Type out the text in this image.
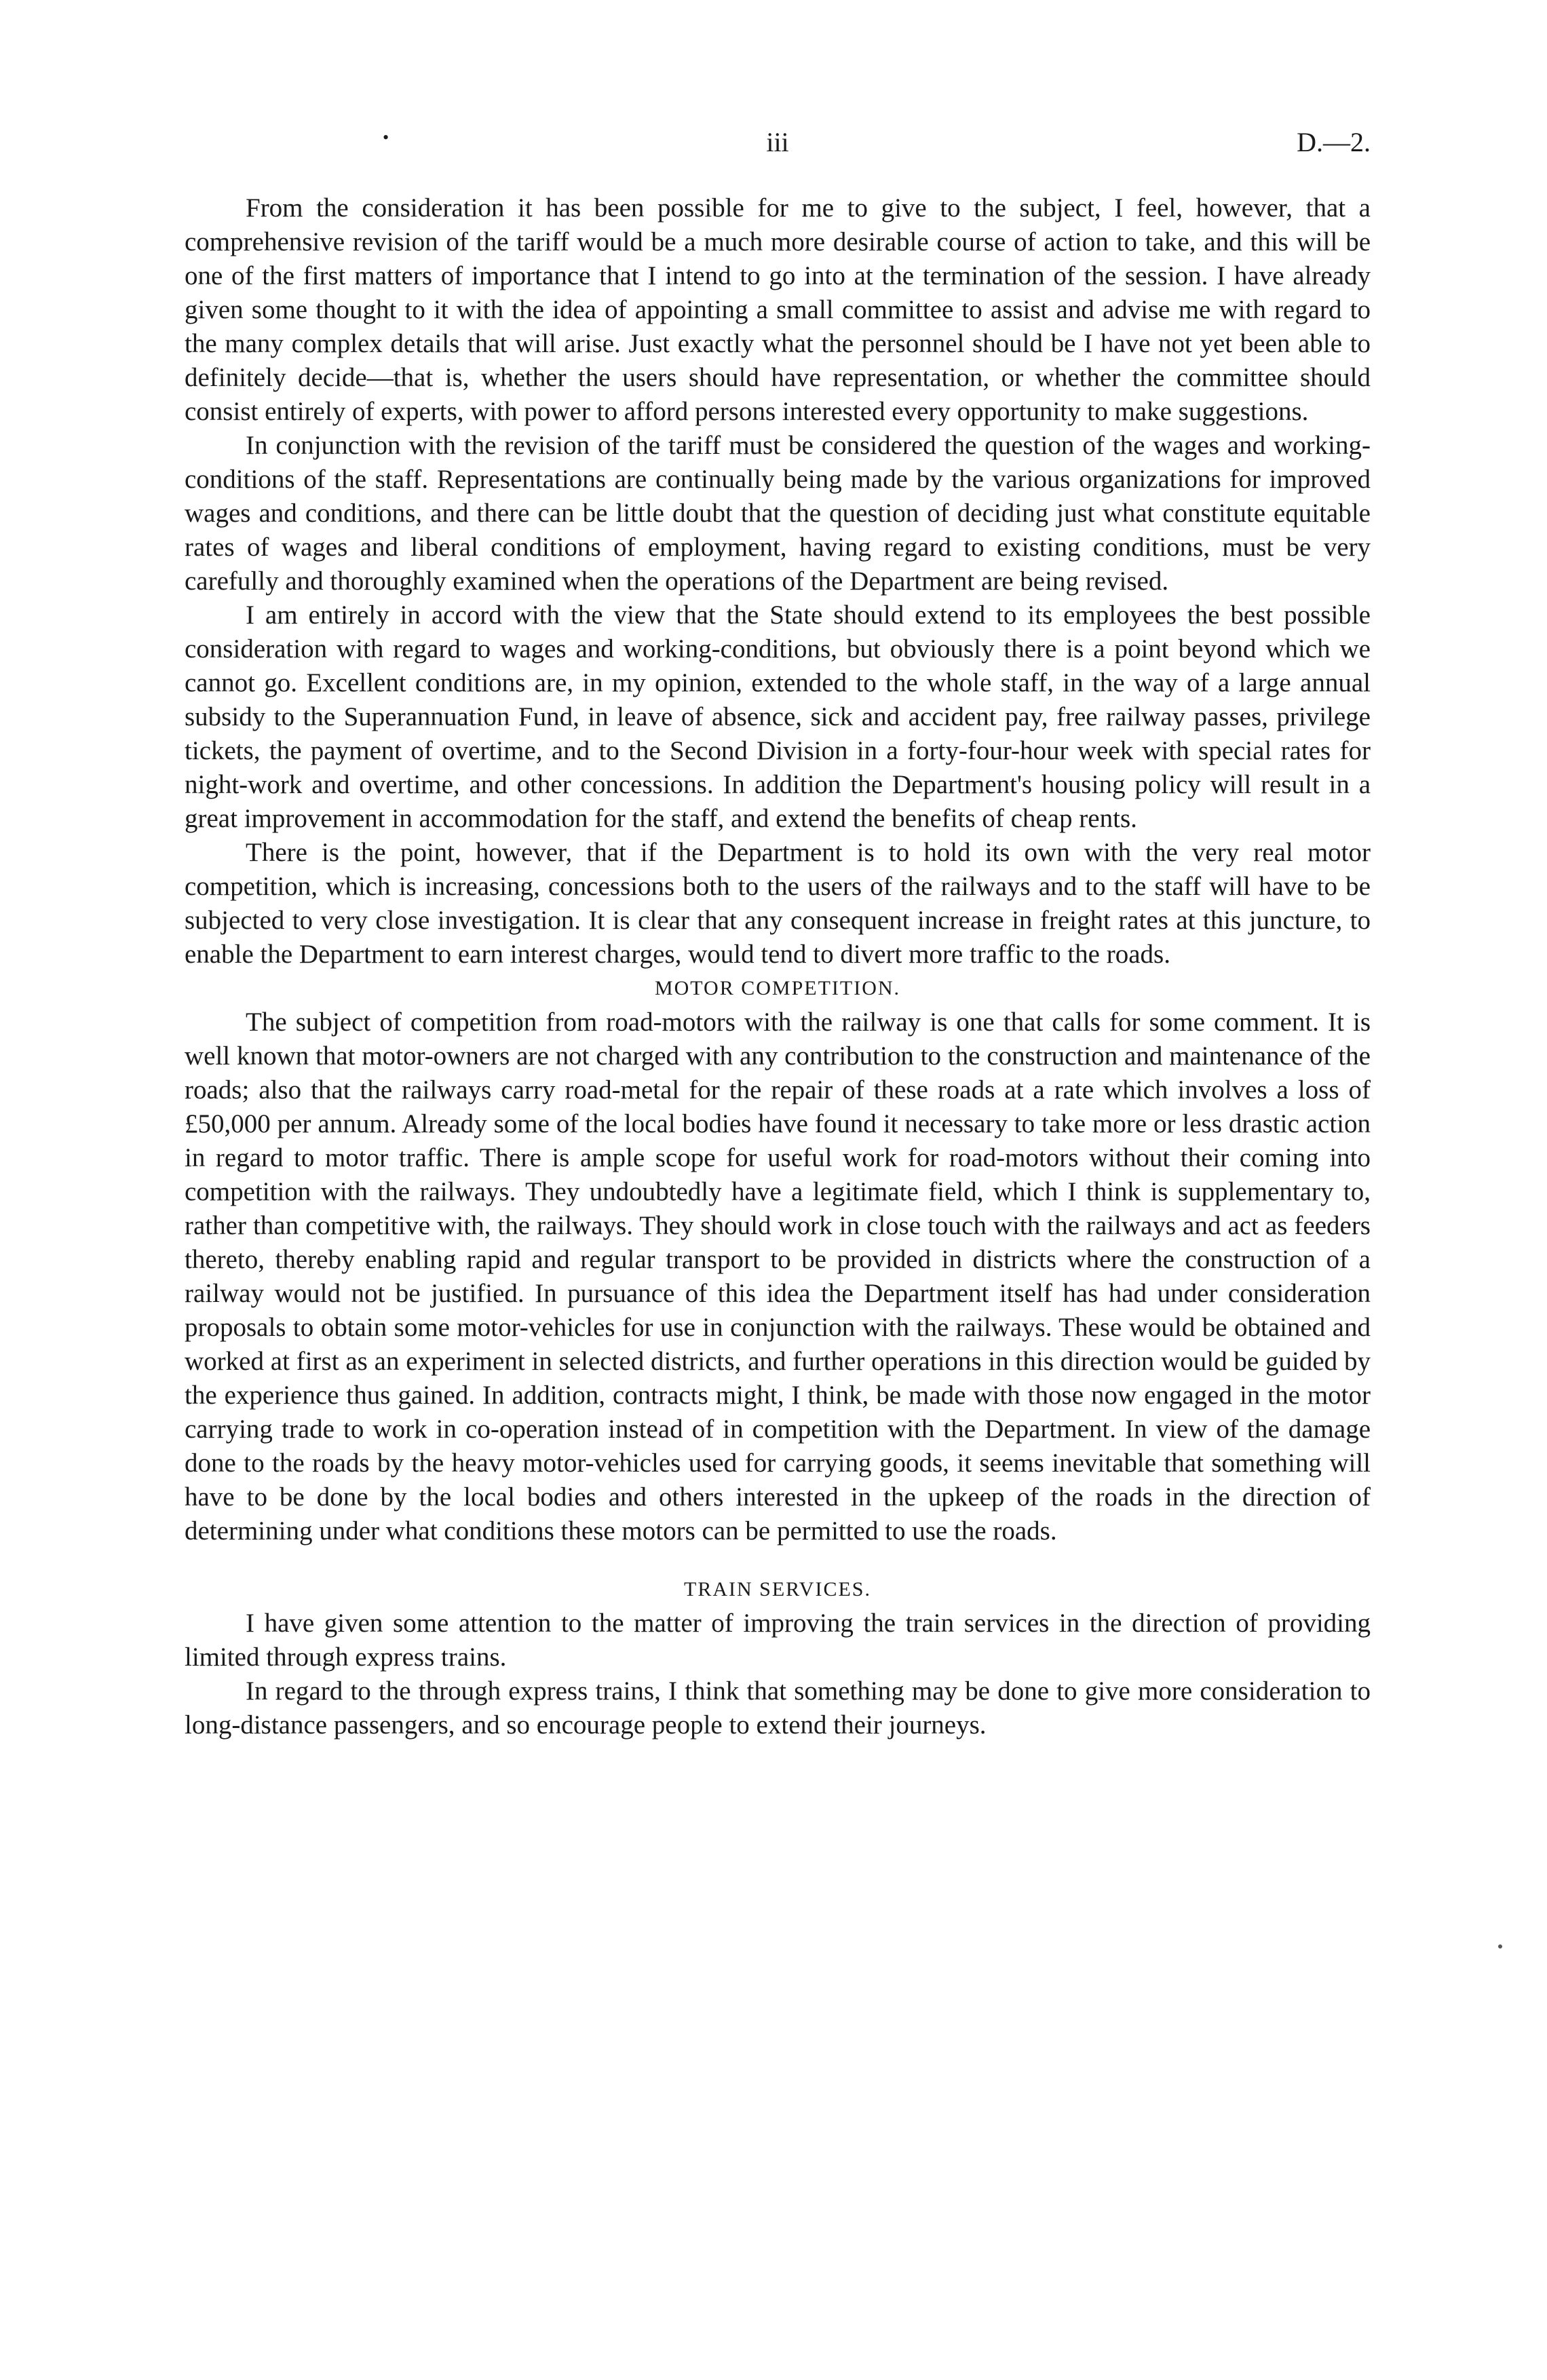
•	iii	D.—2.

From the consideration it has been possible for me to give to the subject, I feel, however, that a comprehensive revision of the tariff would be a much more desirable course of action to take, and this will be one of the first matters of importance that I intend to go into at the termination of the session. I have already given some thought to it with the idea of appointing a small committee to assist and advise me with regard to the many complex details that will arise. Just exactly what the personnel should be I have not yet been able to definitely decide—that is, whether the users should have representation, or whether the committee should consist entirely of experts, with power to afford persons interested every opportunity to make suggestions.

In conjunction with the revision of the tariff must be considered the question of the wages and working-conditions of the staff. Representations are continually being made by the various organizations for improved wages and conditions, and there can be little doubt that the question of deciding just what constitute equitable rates of wages and liberal conditions of employment, having regard to existing conditions, must be very carefully and thoroughly examined when the operations of the Department are being revised.

I am entirely in accord with the view that the State should extend to its employees the best possible consideration with regard to wages and working-conditions, but obviously there is a point beyond which we cannot go. Excellent conditions are, in my opinion, extended to the whole staff, in the way of a large annual subsidy to the Superannuation Fund, in leave of absence, sick and accident pay, free railway passes, privilege tickets, the payment of overtime, and to the Second Division in a forty-four-hour week with special rates for night-work and overtime, and other concessions. In addition the Department's housing policy will result in a great improvement in accommodation for the staff, and extend the benefits of cheap rents.

There is the point, however, that if the Department is to hold its own with the very real motor competition, which is increasing, concessions both to the users of the railways and to the staff will have to be subjected to very close investigation. It is clear that any consequent increase in freight rates at this juncture, to enable the Department to earn interest charges, would tend to divert more traffic to the roads.

MOTOR COMPETITION.

The subject of competition from road-motors with the railway is one that calls for some comment. It is well known that motor-owners are not charged with any contribution to the construction and maintenance of the roads; also that the railways carry road-metal for the repair of these roads at a rate which involves a loss of £50,000 per annum. Already some of the local bodies have found it necessary to take more or less drastic action in regard to motor traffic. There is ample scope for useful work for road-motors without their coming into competition with the railways. They undoubtedly have a legitimate field, which I think is supplementary to, rather than competitive with, the railways. They should work in close touch with the railways and act as feeders thereto, thereby enabling rapid and regular transport to be provided in districts where the construction of a railway would not be justified. In pursuance of this idea the Department itself has had under consideration proposals to obtain some motor-vehicles for use in conjunction with the railways. These would be obtained and worked at first as an experiment in selected districts, and further operations in this direction would be guided by the experience thus gained. In addition, contracts might, I think, be made with those now engaged in the motor carrying trade to work in co-operation instead of in competition with the Department. In view of the damage done to the roads by the heavy motor-vehicles used for carrying goods, it seems inevitable that something will have to be done by the local bodies and others interested in the upkeep of the roads in the direction of determining under what conditions these motors can be permitted to use the roads.

TRAIN SERVICES.

I have given some attention to the matter of improving the train services in the direction of providing limited through express trains.

In regard to the through express trains, I think that something may be done to give more consideration to long-distance passengers, and so encourage people to extend their journeys.
